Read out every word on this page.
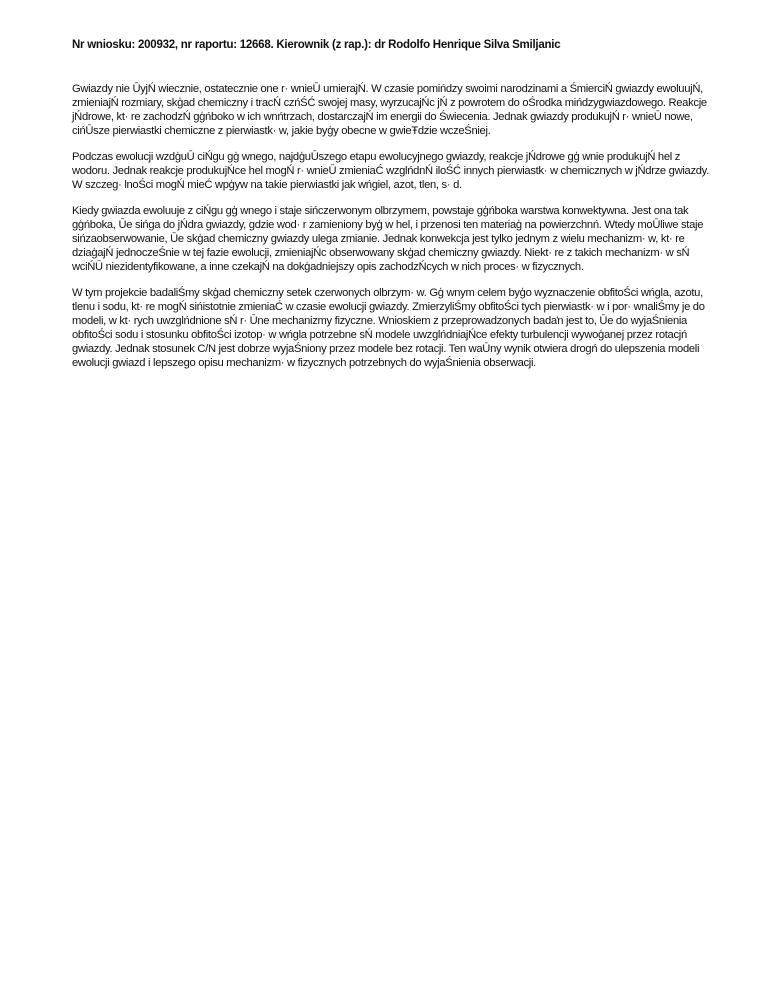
Nr wniosku: 200932, nr raportu: 12668. Kierownik (z rap.): dr Rodolfo Henrique Silva Smiljanic

Gwiazdy nie ŪyjŃ wiecznie, ostatecznie one r· wnieŪ umierajŃ. W czasie pomińdzy swoimi narodzinami a ŚmierciŃ gwiazdy ewoluujŃ, zmieniajŃ rozmiary, skģad chemiczny i tracŃ czńŚĆ swojej masy, wyrzucajŃc jŃ z powrotem do oŚrodka mińdzygwiazdowego. Reakcje jŃdrowe, kt· re zachodzŃ gģńboko w ich wnńtrzach, dostarczajŃ im energii do Świecenia. Jednak gwiazdy produkujŃ r· wnieŪ nowe, cińŪsze pierwiastki chemiczne z pierwiastk· w, jakie byģy obecne w gwieŦdzie wczeŚniej.

Podczas ewolucji wzdģuŪ ciŃgu gģ wnego, najdģuŪszego etapu ewolucyjnego gwiazdy, reakcje jŃdrowe gģ wnie produkujŃ hel z wodoru. Jednak reakcje produkujŃce hel mogŃ r· wnieŪ zmieniaĆ wzglńdnŃ iloŚĆ innych pierwiastk· w chemicznych w jŃdrze gwiazdy. W szczeg· lnoŚci mogŃ mieĆ wpģyw na takie pierwiastki jak wńgiel, azot, tlen, s· d.

Kiedy gwiazda ewoluuje z ciŃgu gģ wnego i staje sińczerwonym olbrzymem, powstaje gģńboka warstwa konwektywna. Jest ona tak gģńboka, Ūe sińga do jŃdra gwiazdy, gdzie wod· r zamieniony byģ w hel, i przenosi ten materiaģ na powierzchnń. Wtedy moŪliwe staje sińzaobserwowanie, Ūe skģad chemiczny gwiazdy ulega zmianie. Jednak konwekcja jest tylko jednym z wielu mechanizm· w, kt· re dziaģajŃ jednoczeŚnie w tej fazie ewolucji, zmieniajŃc obserwowany skģad chemiczny gwiazdy. Niekt· re z takich mechanizm· w sŃ wciŃŪ niezidentyfikowane, a inne czekajŃ na dokģadniejszy opis zachodzŃcych w nich proces· w fizycznych.

W tym projekcie badaliŚmy skģad chemiczny setek czerwonych olbrzym· w. Gģ wnym celem byģo wyznaczenie obfitoŚci wńgla, azotu, tlenu i sodu, kt· re mogŃ sińistotnie zmieniaĆ w czasie ewolucji gwiazdy. ZmierzyliŚmy obfitoŚci tych pierwiastk· w i por· wnaliŚmy je do modeli, w kt· rych uwzglńdnione sŃ r· Ūne mechanizmy fizyczne. Wnioskiem z przeprowadzonych badaŉ jest to, Ūe do wyjaŚnienia obfitoŚci sodu i stosunku obfitoŚci izotop· w wńgla potrzebne sŃ modele uwzglńdniajŃce efekty turbulencji wywoģanej przez rotacjń gwiazdy. Jednak stosunek C/N jest dobrze wyjaŚniony przez modele bez rotacji. Ten waŪny wynik otwiera drogń do ulepszenia modeli ewolucji gwiazd i lepszego opisu mechanizm· w fizycznych potrzebnych do wyjaŚnienia obserwacji.
